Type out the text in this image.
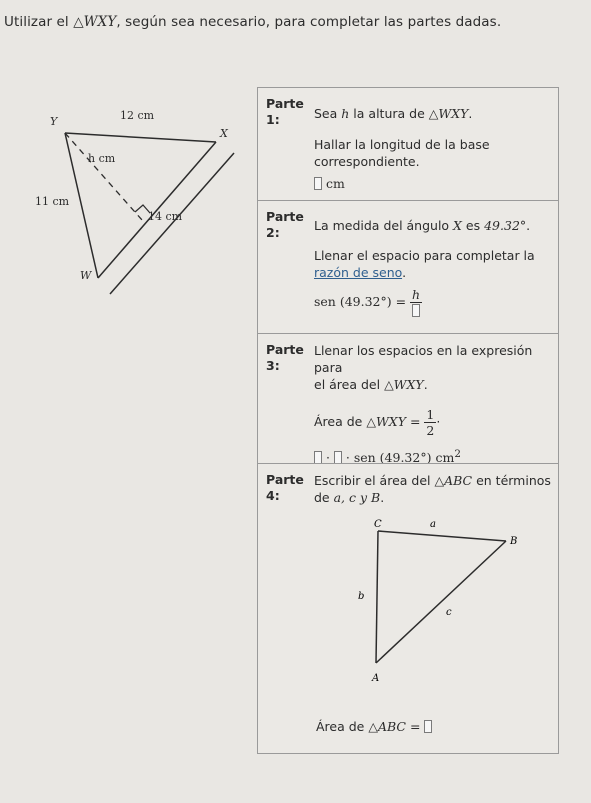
Utilizar el △WXY, según sea necesario, para completar las partes dadas.
Y
X
W
12 cm
h cm
11 cm
14 cm
Parte
1:	Sea h la altura de △WXY.
Hallar la longitud de la base correspondiente.
cm
Parte
2:	La medida del ángulo X es 49.32°.
Llenar el espacio para completar la
razón de seno.
sen (49.32°) = h
Parte
3:
Llenar los espacios en la expresión para
el área del △WXY.
Área de △WXY = $\frac{1}{2}$ ·
·  · sen (49.32°) $cm^2$
Parte
4:
Escribir el área del △ABC en términos
de a, c y B.
C	a
B
b
c
A
Área de △ABC =
